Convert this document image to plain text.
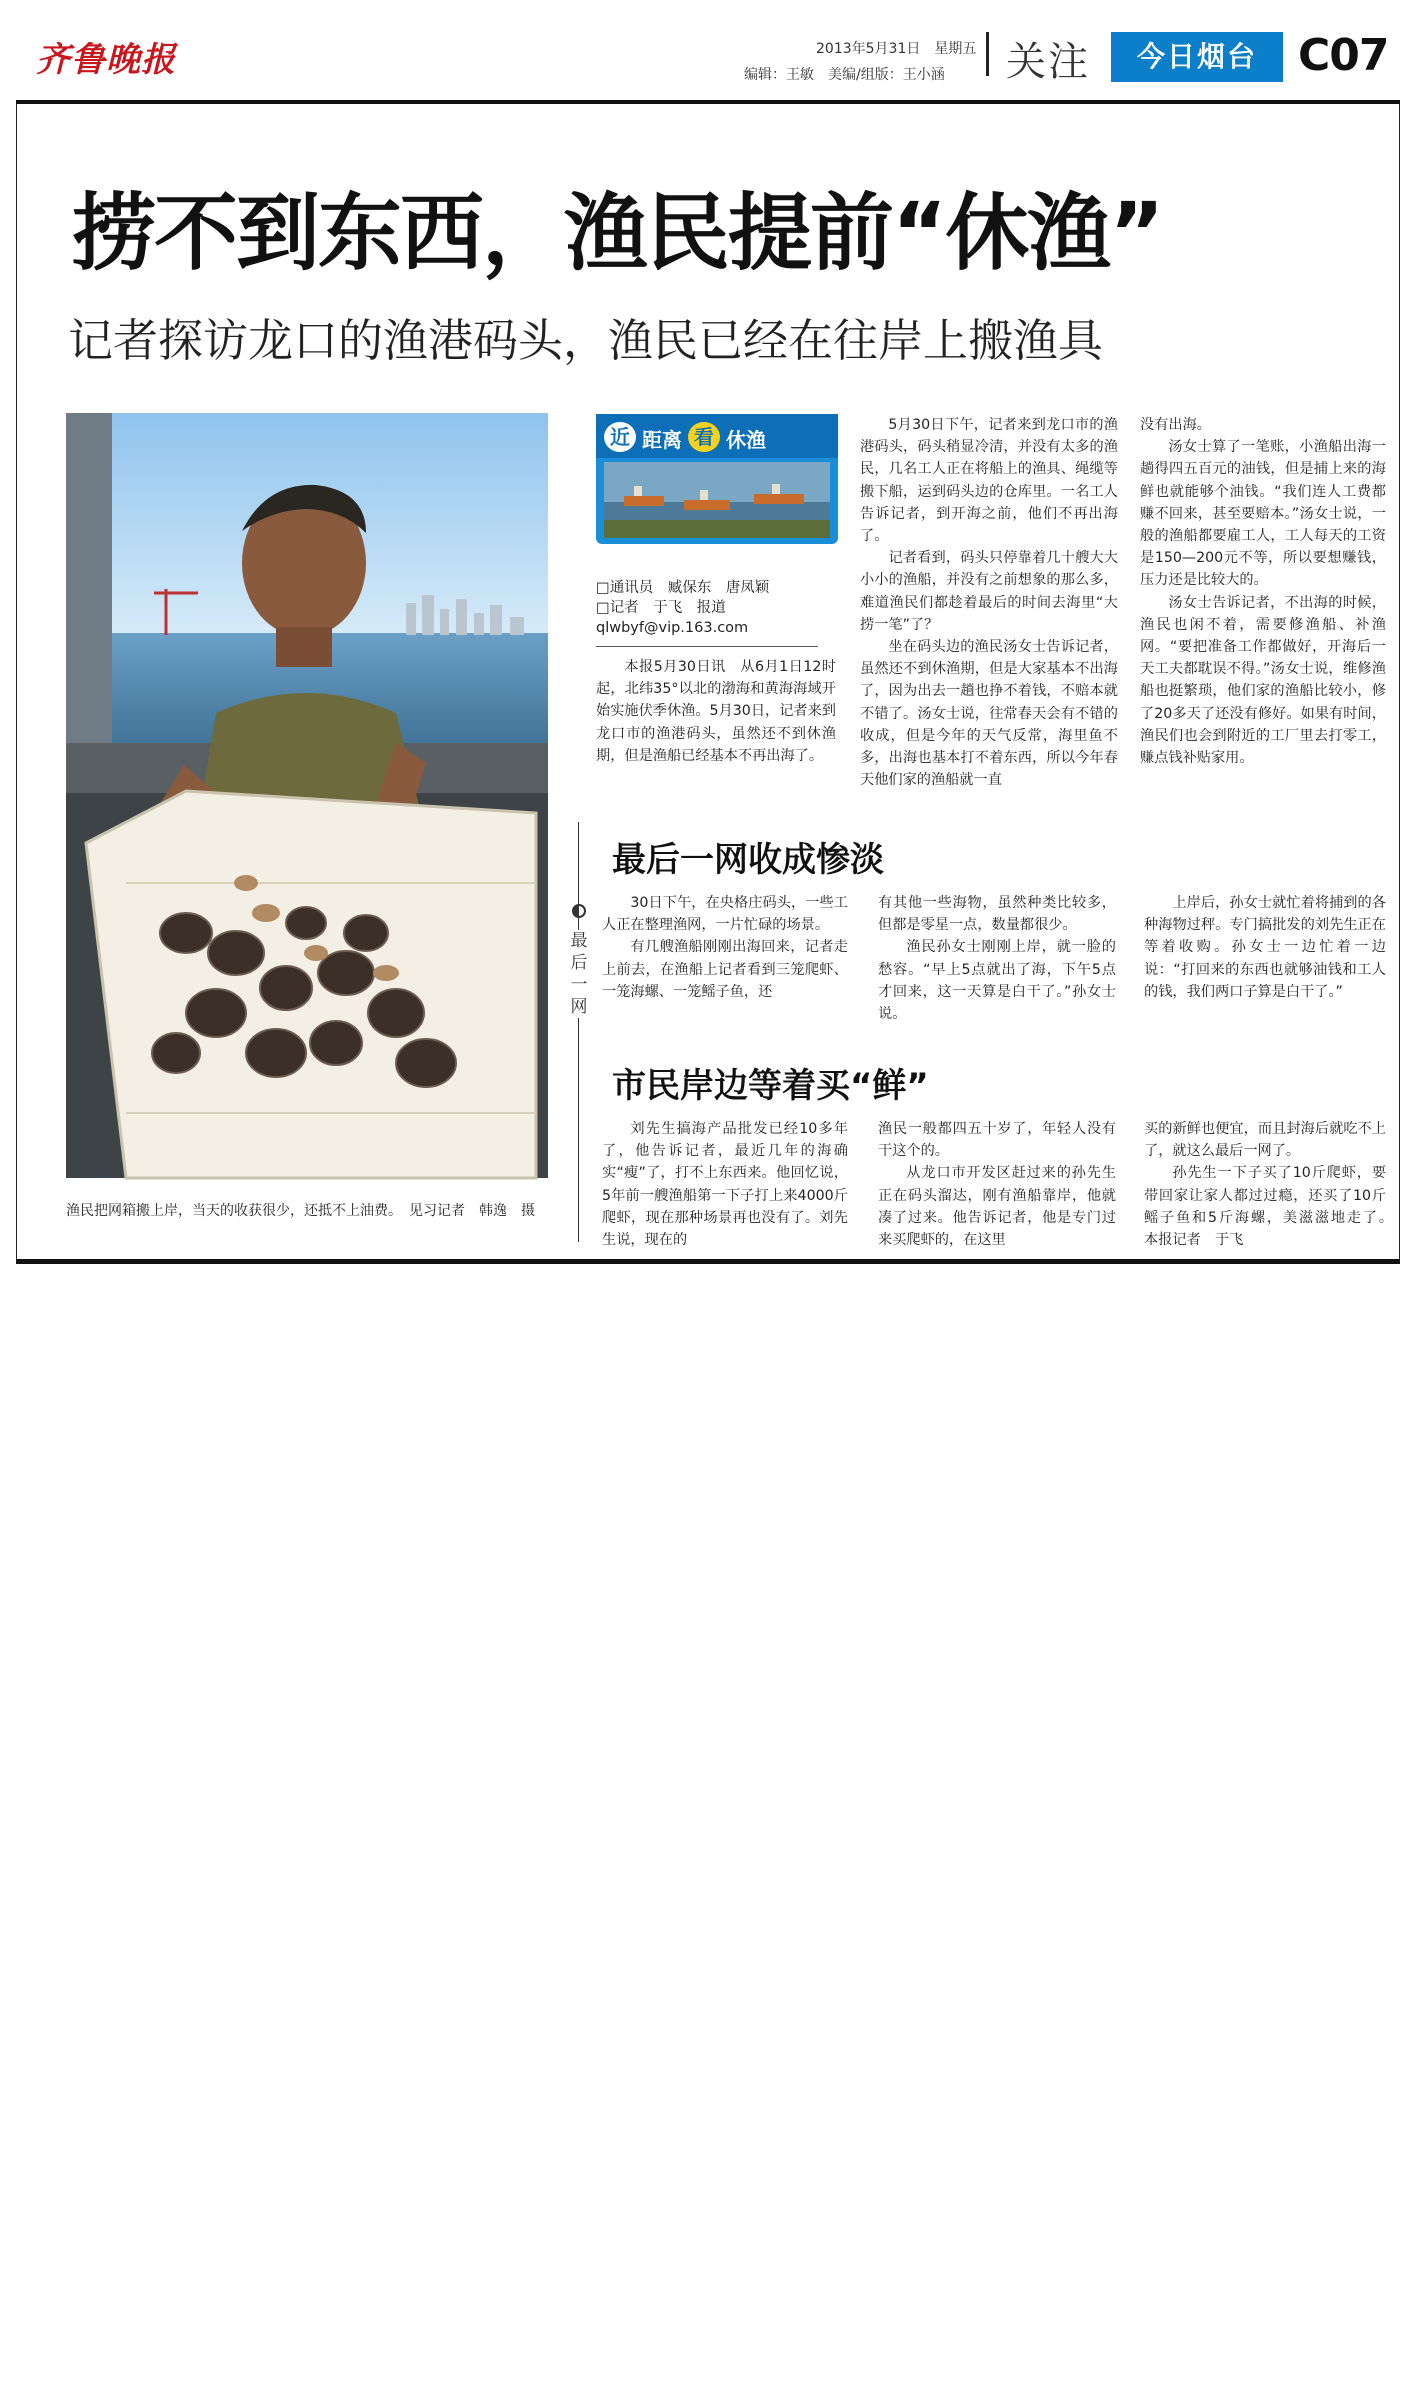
齐鲁晚报	2013年5月31日　星期五
编辑：王敏　美编/组版：王小涵 关注	今日烟台 C07
捞不到东西，渔民提前“休渔”
记者探访龙口的渔港码头，渔民已经在往岸上搬渔具
渔民把网箱搬上岸，当天的收获很少，还抵不上油费。　见习记者　韩逸　摄
近 距离 看 休渔
□通讯员　臧保东　唐凤颖
□记者　于飞　报道
qlwbyf@vip.163.com

本报5月30日讯　从6月1日12时起，北纬35°以北的渤海和黄海海域开始实施伏季休渔。5月30日，记者来到龙口市的渔港码头，虽然还不到休渔期，但是渔船已经基本不再出海了。

5月30日下午，记者来到龙口市的渔港码头，码头稍显冷清，并没有太多的渔民，几名工人正在将船上的渔具、绳缆等搬下船，运到码头边的仓库里。一名工人告诉记者，到开海之前，他们不再出海了。

记者看到，码头只停靠着几十艘大大小小的渔船，并没有之前想象的那么多，难道渔民们都趁着最后的时间去海里“大捞一笔”了？

坐在码头边的渔民汤女士告诉记者，虽然还不到休渔期，但是大家基本不出海了，因为出去一趟也挣不着钱，不赔本就不错了。汤女士说，往常春天会有不错的收成，但是今年的天气反常，海里鱼不多，出海也基本打不着东西，所以今年春天他们家的渔船就一直

没有出海。

汤女士算了一笔账，小渔船出海一趟得四五百元的油钱，但是捕上来的海鲜也就能够个油钱。“我们连人工费都赚不回来，甚至要赔本。”汤女士说，一般的渔船都要雇工人，工人每天的工资是150—200元不等，所以要想赚钱，压力还是比较大的。

汤女士告诉记者，不出海的时候，渔民也闲不着，需要修渔船、补渔网。“要把准备工作都做好，开海后一天工夫都耽误不得。”汤女士说，维修渔船也挺繁琐，他们家的渔船比较小，修了20多天了还没有修好。如果有时间，渔民们也会到附近的工厂里去打零工，赚点钱补贴家用。

最后一网
最后一网收成惨淡

30日下午，在央格庄码头，一些工人正在整理渔网，一片忙碌的场景。

有几艘渔船刚刚出海回来，记者走上前去，在渔船上记者看到三笼爬虾、一笼海螺、一笼鳐子鱼，还

有其他一些海物，虽然种类比较多，但都是零星一点，数量都很少。

渔民孙女士刚刚上岸，就一脸的愁容。“早上5点就出了海，下午5点才回来，这一天算是白干了。”孙女士说。

上岸后，孙女士就忙着将捕到的各种海物过秤。专门搞批发的刘先生正在等着收购。孙女士一边忙着一边说：“打回来的东西也就够油钱和工人的钱，我们两口子算是白干了。”

市民岸边等着买“鲜”

刘先生搞海产品批发已经10多年了，他告诉记者，最近几年的海确实“瘦”了，打不上东西来。他回忆说，5年前一艘渔船第一下子打上来4000斤爬虾，现在那种场景再也没有了。刘先生说，现在的

渔民一般都四五十岁了，年轻人没有干这个的。

从龙口市开发区赶过来的孙先生正在码头溜达，刚有渔船靠岸，他就凑了过来。他告诉记者，他是专门过来买爬虾的，在这里

买的新鲜也便宜，而且封海后就吃不上了，就这么最后一网了。

孙先生一下子买了10斤爬虾，要带回家让家人都过过瘾，还买了10斤鳐子鱼和5斤海螺，美滋滋地走了。　本报记者　于飞
